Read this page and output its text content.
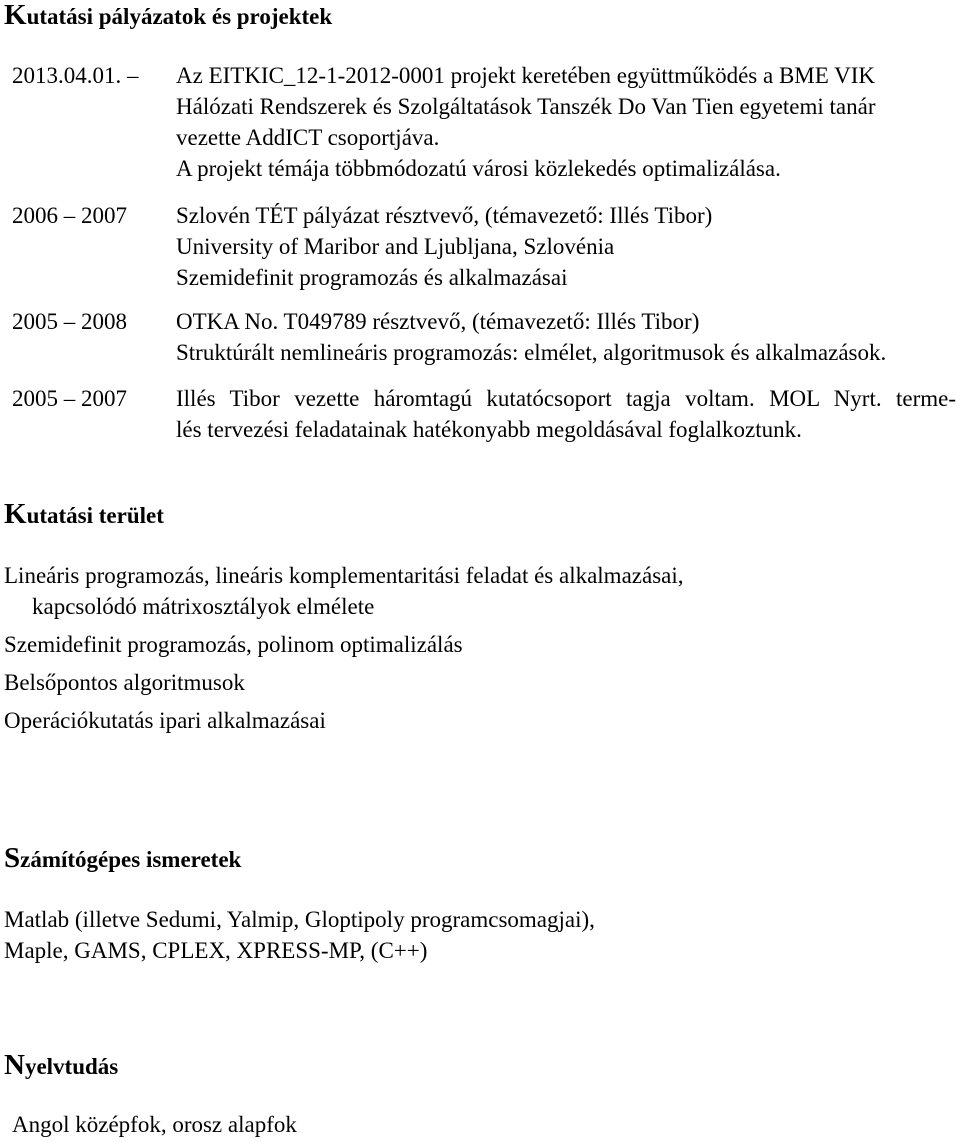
Kutatási pályázatok és projektek
2013.04.01. – Az EITKIC_12-1-2012-0001 projekt keretében együttműködés a BME VIK
Hálózati Rendszerek és Szolgáltatások Tanszék Do Van Tien egyetemi tanár
vezette AddICT csoportjáva.
A projekt témája többmódozatú városi közlekedés optimalizálása.
2006 – 2007 Szlovén TÉT pályázat résztvevő, (témavezető: Illés Tibor)
University of Maribor and Ljubljana, Szlovénia
Szemidefinit programozás és alkalmazásai
2005 – 2008 OTKA No. T049789 résztvevő, (témavezető: Illés Tibor)
Struktúrált nemlineáris programozás: elmélet, algoritmusok és alkalmazások.
2005 – 2007 Illés Tibor vezette háromtagú kutatócsoport tagja voltam. MOL Nyrt. terme-
lés tervezési feladatainak hatékonyabb megoldásával foglalkoztunk.
Kutatási terület
Lineáris programozás, lineáris komplementaritási feladat és alkalmazásai,
kapcsolódó mátrixosztályok elmélete
Szemidefinit programozás, polinom optimalizálás
Belsőpontos algoritmusok
Operációkutatás ipari alkalmazásai
Számítógépes ismeretek
Matlab (illetve Sedumi, Yalmip, Gloptipoly programcsomagjai),
Maple, GAMS, CPLEX, XPRESS-MP, (C++)
Nyelvtudás
Angol középfok, orosz alapfok
